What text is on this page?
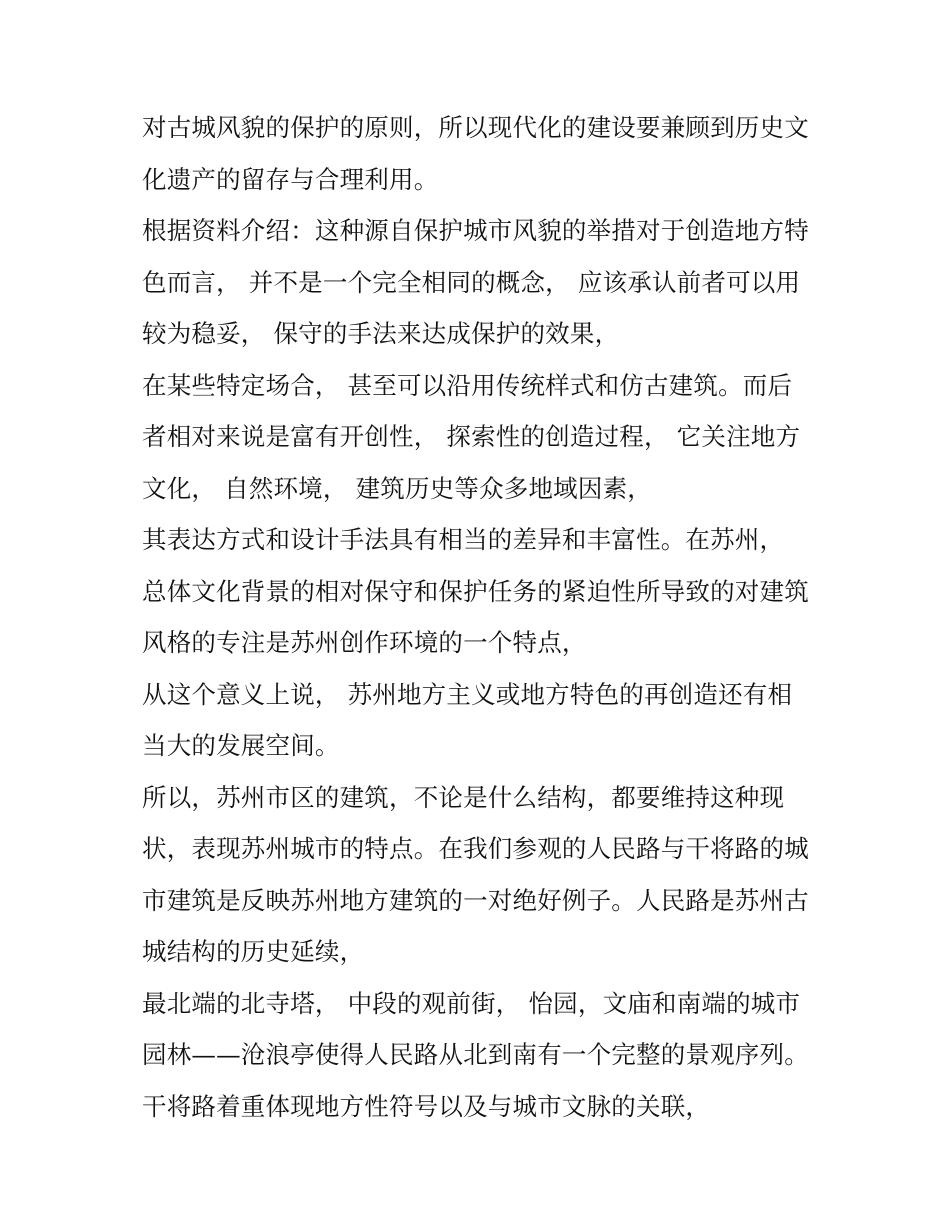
对古城风貌的保护的原则，所以现代化的建设要兼顾到历史文
化遗产的留存与合理利用。
根据资料介绍：这种源自保护城市风貌的举措对于创造地方特
色而言， 并不是一个完全相同的概念， 应该承认前者可以用
较为稳妥， 保守的手法来达成保护的效果，
在某些特定场合， 甚至可以沿用传统样式和仿古建筑。而后
者相对来说是富有开创性， 探索性的创造过程， 它关注地方
文化， 自然环境， 建筑历史等众多地域因素，
其表达方式和设计手法具有相当的差异和丰富性。在苏州，
总体文化背景的相对保守和保护任务的紧迫性所导致的对建筑
风格的专注是苏州创作环境的一个特点，
从这个意义上说， 苏州地方主义或地方特色的再创造还有相
当大的发展空间。
所以，苏州市区的建筑，不论是什么结构，都要维持这种现
状，表现苏州城市的特点。在我们参观的人民路与干将路的城
市建筑是反映苏州地方建筑的一对绝好例子。人民路是苏州古
城结构的历史延续，
最北端的北寺塔， 中段的观前街， 怡园，文庙和南端的城市
园林——沧浪亭使得人民路从北到南有一个完整的景观序列。
干将路着重体现地方性符号以及与城市文脉的关联，
